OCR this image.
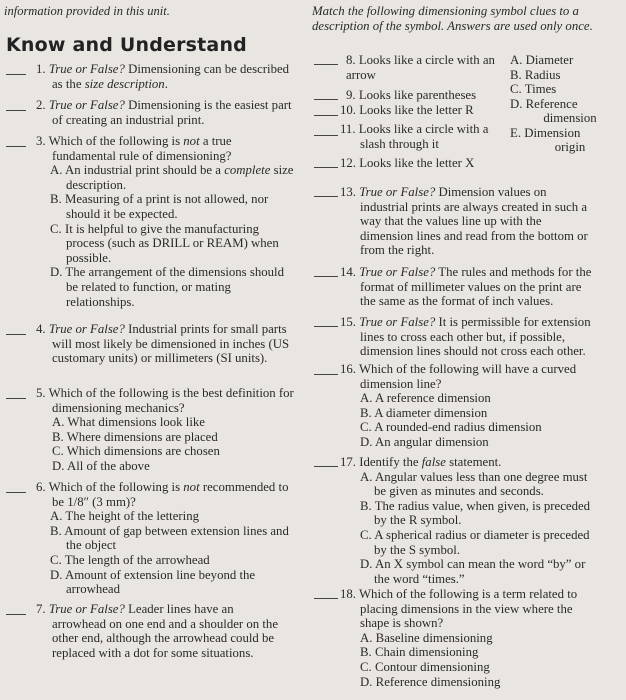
information provided in this unit.
Know and Understand
1. True or False? Dimensioning can be described as the size description.
2. True or False? Dimensioning is the easiest part of creating an industrial print.
3. Which of the following is not a true fundamental rule of dimensioning?
A. An industrial print should be a complete size description.
B. Measuring of a print is not allowed, nor should it be expected.
C. It is helpful to give the manufacturing process (such as DRILL or REAM) when possible.
D. The arrangement of the dimensions should be related to function, or mating relationships.
4. True or False? Industrial prints for small parts will most likely be dimensioned in inches (US customary units) or millimeters (SI units).
5. Which of the following is the best definition for dimensioning mechanics?
A. What dimensions look like
B. Where dimensions are placed
C. Which dimensions are chosen
D. All of the above
6. Which of the following is not recommended to be 1/8″ (3 mm)?
A. The height of the lettering
B. Amount of gap between extension lines and the object
C. The length of the arrowhead
D. Amount of extension line beyond the arrowhead
7. True or False? Leader lines have an arrowhead on one end and a shoulder on the other end, although the arrowhead could be replaced with a dot for some situations.
Match the following dimensioning symbol clues to a description of the symbol. Answers are used only once.
8. Looks like a circle with an arrow
9. Looks like parentheses
10. Looks like the letter R
11. Looks like a circle with a slash through it
12. Looks like the letter X
A. Diameter
B. Radius
C. Times
D. Reference
dimension
E. Dimension
origin
13. True or False? Dimension values on industrial prints are always created in such a way that the values line up with the dimension lines and read from the bottom or from the right.
14. True or False? The rules and methods for the format of millimeter values on the print are the same as the format of inch values.
15. True or False? It is permissible for extension lines to cross each other but, if possible, dimension lines should not cross each other.
16. Which of the following will have a curved dimension line?
A. A reference dimension
B. A diameter dimension
C. A rounded-end radius dimension
D. An angular dimension
17. Identify the false statement.
A. Angular values less than one degree must be given as minutes and seconds.
B. The radius value, when given, is preceded by the R symbol.
C. A spherical radius or diameter is preceded by the S symbol.
D. An X symbol can mean the word “by” or the word “times.”
18. Which of the following is a term related to placing dimensions in the view where the shape is shown?
A. Baseline dimensioning
B. Chain dimensioning
C. Contour dimensioning
D. Reference dimensioning
